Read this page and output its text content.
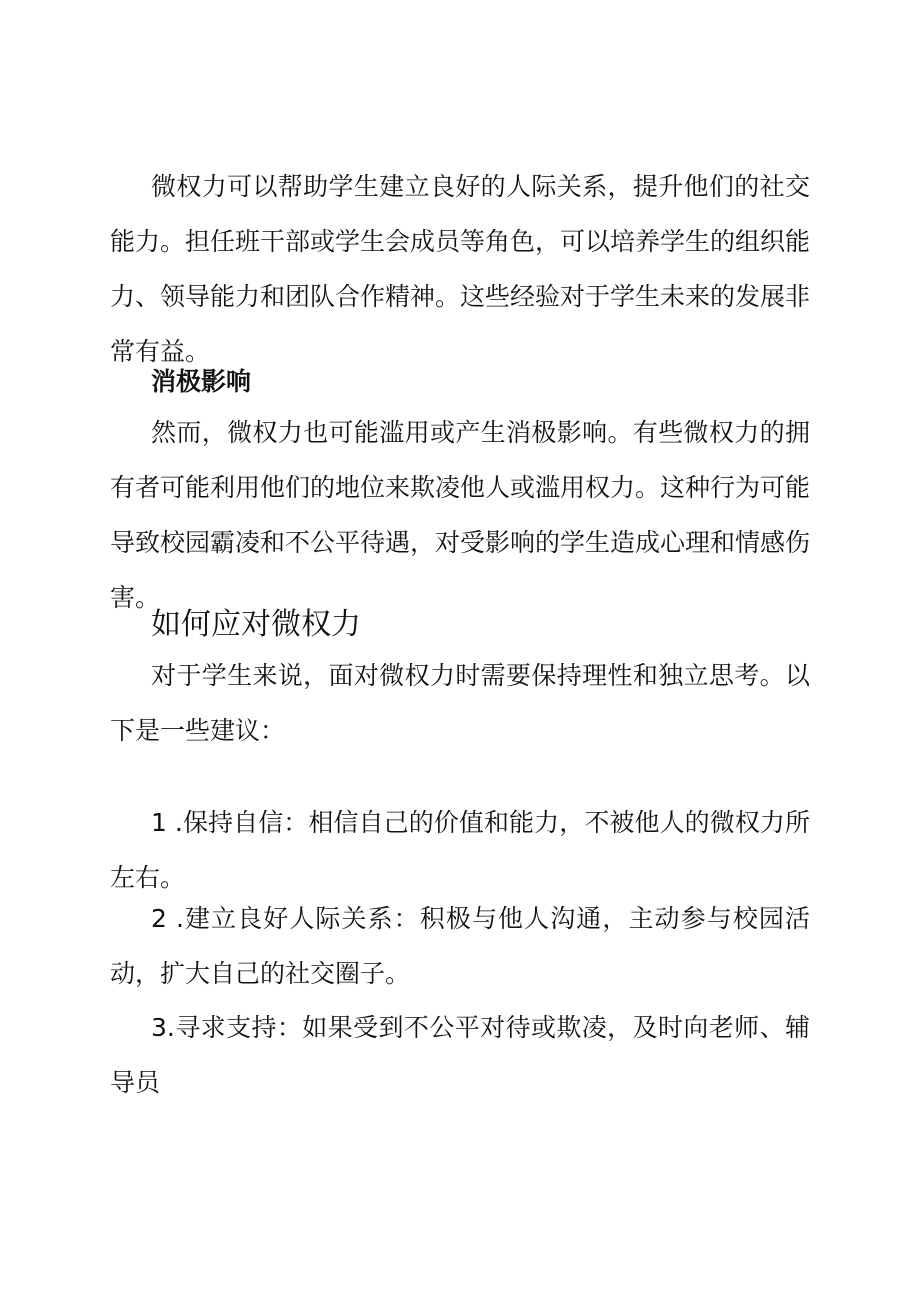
微权力可以帮助学生建立良好的人际关系，提升他们的社交能力。担任班干部或学生会成员等角色，可以培养学生的组织能力、领导能力和团队合作精神。这些经验对于学生未来的发展非常有益。

消极影响

然而，微权力也可能滥用或产生消极影响。有些微权力的拥有者可能利用他们的地位来欺凌他人或滥用权力。这种行为可能导致校园霸凌和不公平待遇，对受影响的学生造成心理和情感伤害。

如何应对微权力

对于学生来说，面对微权力时需要保持理性和独立思考。以下是一些建议：

1 .保持自信：相信自己的价值和能力，不被他人的微权力所左右。

2 .建立良好人际关系：积极与他人沟通，主动参与校园活动，扩大自己的社交圈子。

3.寻求支持：如果受到不公平对待或欺凌，及时向老师、辅导员
